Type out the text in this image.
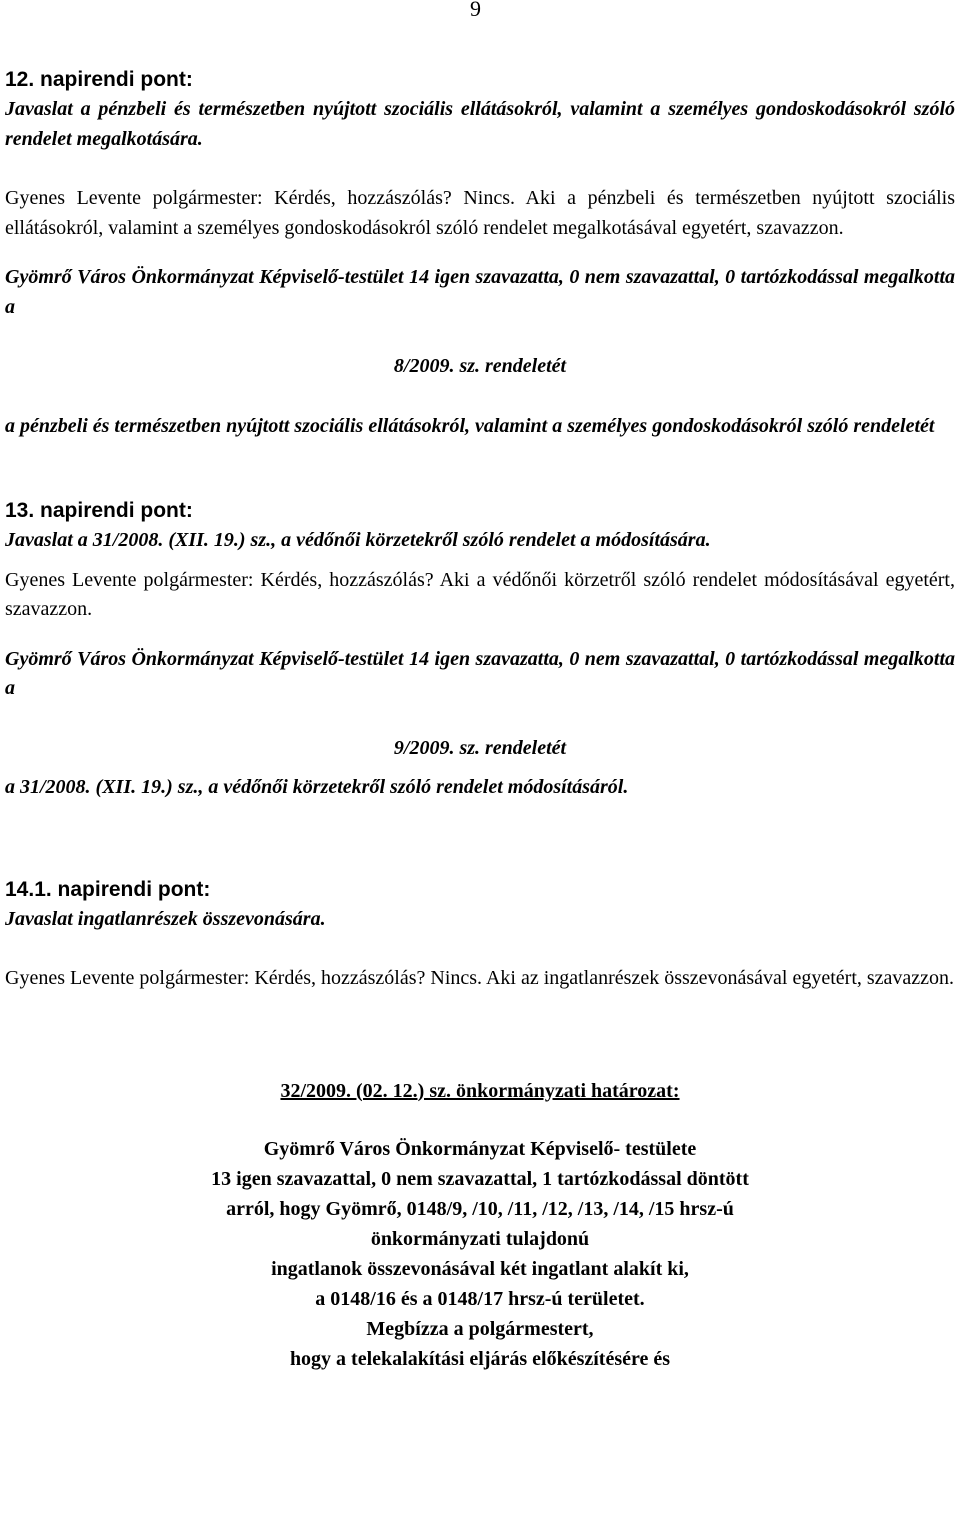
9

12. napirendi pont:

Javaslat a pénzbeli és természetben nyújtott szociális ellátásokról, valamint a személyes gondoskodásokról szóló rendelet megalkotására.

Gyenes Levente polgármester: Kérdés, hozzászólás? Nincs. Aki a pénzbeli és természetben nyújtott szociális ellátásokról, valamint a személyes gondoskodásokról szóló rendelet megalkotásával egyetért, szavazzon.

Gyömrő Város Önkormányzat Képviselő-testület 14 igen szavazatta, 0 nem szavazattal, 0 tartózkodással megalkotta a

8/2009. sz. rendeletét

a pénzbeli és természetben nyújtott szociális ellátásokról, valamint a személyes gondoskodásokról szóló rendeletét

13. napirendi pont:

Javaslat a 31/2008. (XII. 19.) sz., a védőnői körzetekről szóló rendelet a módosítására.

Gyenes Levente polgármester: Kérdés, hozzászólás? Aki a védőnői körzetről szóló rendelet módosításával egyetért, szavazzon.

Gyömrő Város Önkormányzat Képviselő-testület 14 igen szavazatta, 0 nem szavazattal, 0 tartózkodással megalkotta a

9/2009. sz. rendeletét

a 31/2008. (XII. 19.) sz., a védőnői körzetekről szóló rendelet módosításáról.

14.1. napirendi pont:

Javaslat ingatlanrészek összevonására.

Gyenes Levente polgármester: Kérdés, hozzászólás? Nincs. Aki az ingatlanrészek összevonásával egyetért, szavazzon.

32/2009. (02. 12.) sz. önkormányzati határozat:

Gyömrő Város Önkormányzat Képviselő- testülete

13 igen szavazattal, 0 nem szavazattal, 1 tartózkodással döntött

arról, hogy Gyömrő, 0148/9, /10, /11, /12, /13, /14, /15 hrsz-ú

önkormányzati tulajdonú

ingatlanok összevonásával két ingatlant alakít ki,

a 0148/16 és a 0148/17 hrsz-ú területet.

Megbízza a polgármestert,

hogy a telekalakítási eljárás előkészítésére és
